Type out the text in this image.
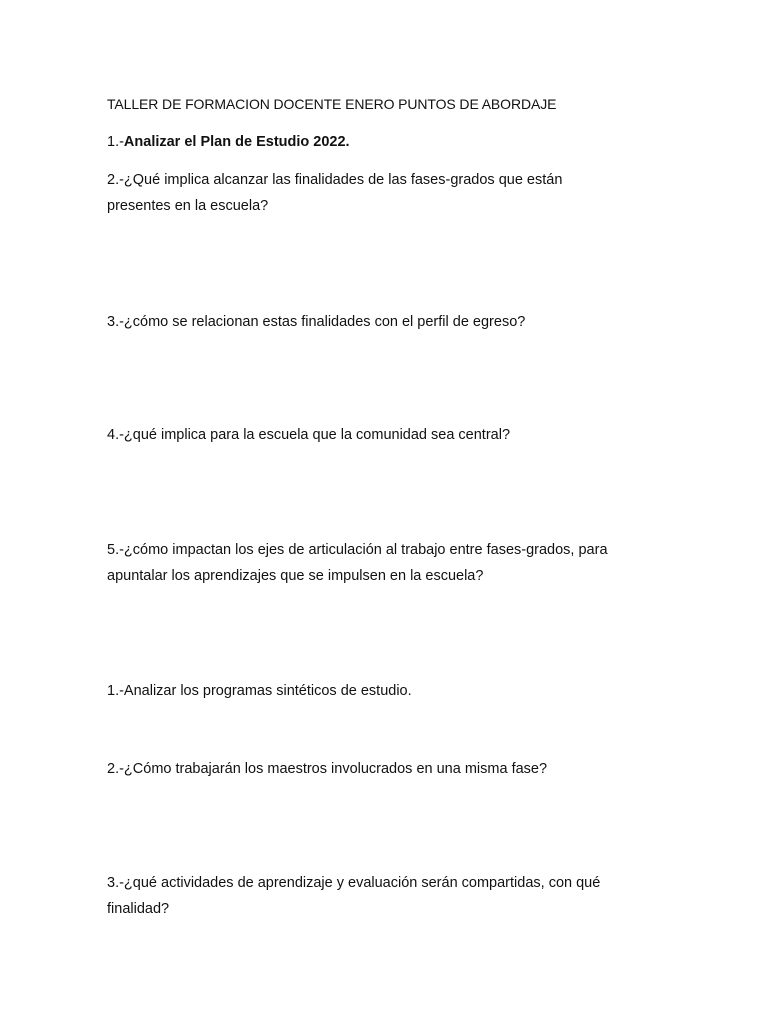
TALLER DE FORMACION DOCENTE ENERO PUNTOS DE ABORDAJE
1.-Analizar el Plan de Estudio 2022.
2.-¿Qué implica alcanzar las finalidades de las fases-grados que están
presentes en la escuela?
3.-¿cómo se relacionan estas finalidades con el perfil de egreso?
4.-¿qué implica para la escuela que la comunidad sea central?
5.-¿cómo impactan los ejes de articulación al trabajo entre fases-grados, para
apuntalar los aprendizajes que se impulsen en la escuela?
1.-Analizar los programas sintéticos de estudio.
2.-¿Cómo trabajarán los maestros involucrados en una misma fase?
3.-¿qué actividades de aprendizaje y evaluación serán compartidas, con qué
finalidad?
